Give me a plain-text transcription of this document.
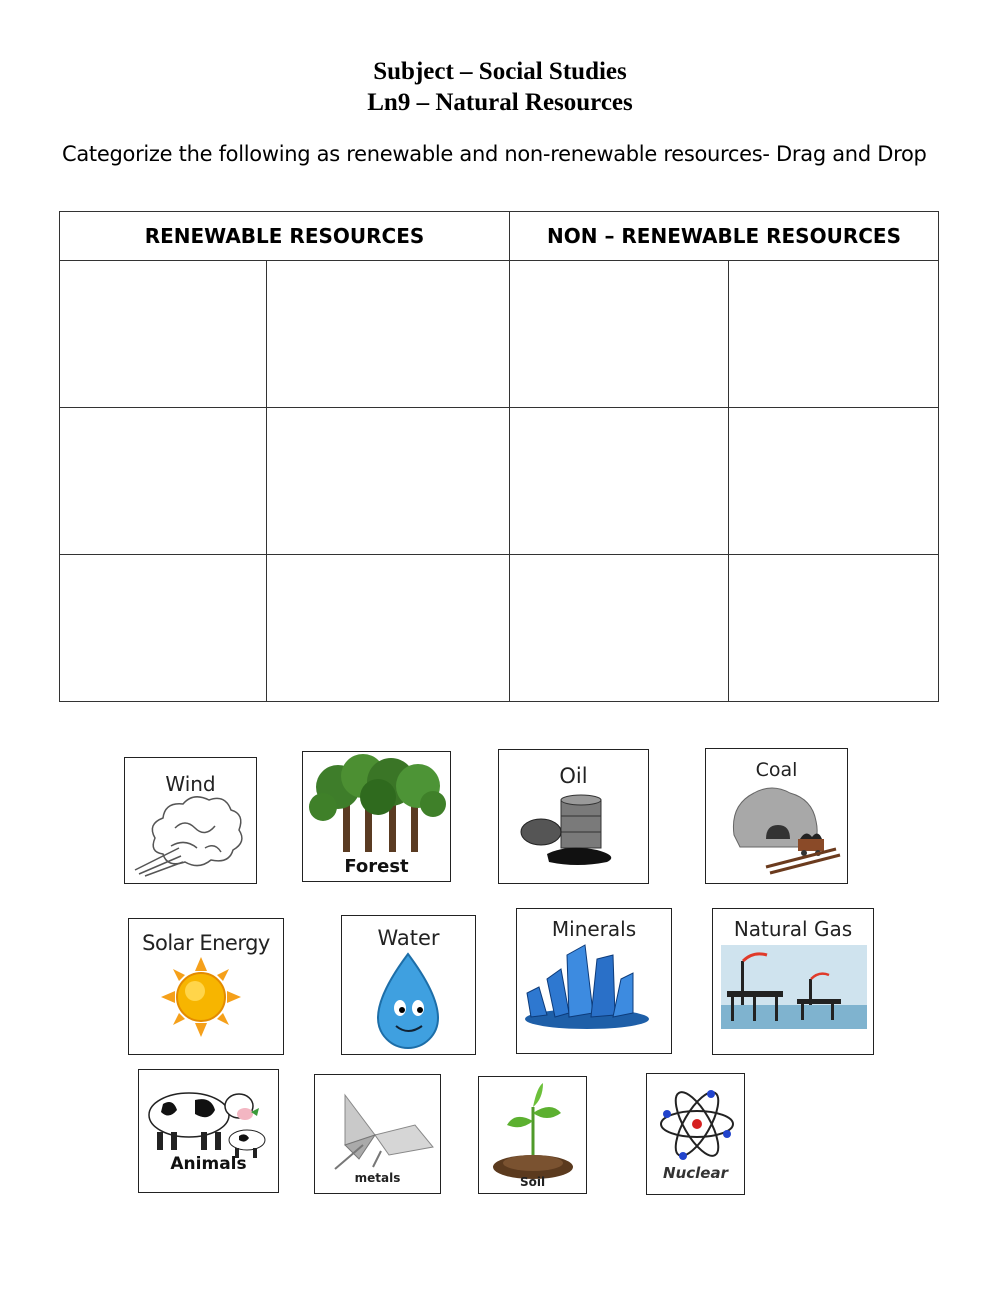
Subject – Social Studies
Ln9 – Natural Resources
Categorize the following as renewable and non-renewable resources- Drag and Drop
RENEWABLE RESOURCES		NON – RENEWABLE RESOURCES	

Wind
Forest
Oil	Coal
Solar Energy	Water	Minerals	Natural Gas
Animals
metals	Soil	Nuclear
